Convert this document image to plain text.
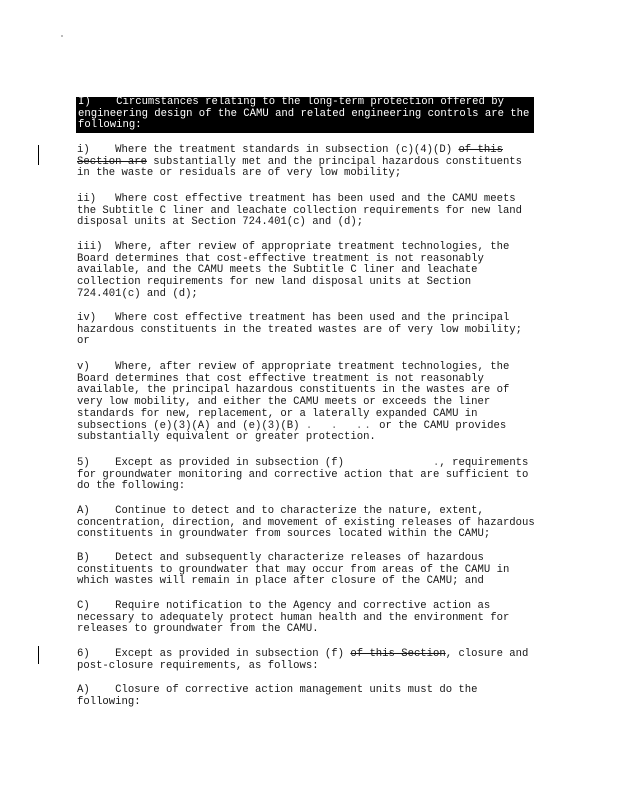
I)    Circumstances relating to the long-term protection offered by
engineering design of the CAMU and related engineering controls are the
following:
i)    Where the treatment standards in subsection (c)(4)(D) of this
Section are substantially met and the principal hazardous constituents
in the waste or residuals are of very low mobility;
ii)   Where cost effective treatment has been used and the CAMU meets
the Subtitle C liner and leachate collection requirements for new land
disposal units at Section 724.401(c) and (d);
iii)  Where, after review of appropriate treatment technologies, the
Board determines that cost-effective treatment is not reasonably
available, and the CAMU meets the Subtitle C liner and leachate
collection requirements for new land disposal units at Section
724.401(c) and (d);
iv)   Where cost effective treatment has been used and the principal
hazardous constituents in the treated wastes are of very low mobility;
or
v)    Where, after review of appropriate treatment technologies, the
Board determines that cost effective treatment is not reasonably
available, the principal hazardous constituents in the wastes are of
very low mobility, and either the CAMU meets or exceeds the liner
standards for new, replacement, or a laterally expanded CAMU in
subsections (e)(3)(A) and (e)(3)(B) .  .  .. or the CAMU provides
substantially equivalent or greater protection.
5)    Except as provided in subsection (f)              ., requirements
for groundwater monitoring and corrective action that are sufficient to
do the following:
A)    Continue to detect and to characterize the nature, extent,
concentration, direction, and movement of existing releases of hazardous
constituents in groundwater from sources located within the CAMU;
B)    Detect and subsequently characterize releases of hazardous
constituents to groundwater that may occur from areas of the CAMU in
which wastes will remain in place after closure of the CAMU; and
C)    Require notification to the Agency and corrective action as
necessary to adequately protect human health and the environment for
releases to groundwater from the CAMU.
6)    Except as provided in subsection (f) of this Section, closure and
post-closure requirements, as follows:
A)    Closure of corrective action management units must do the
following:
